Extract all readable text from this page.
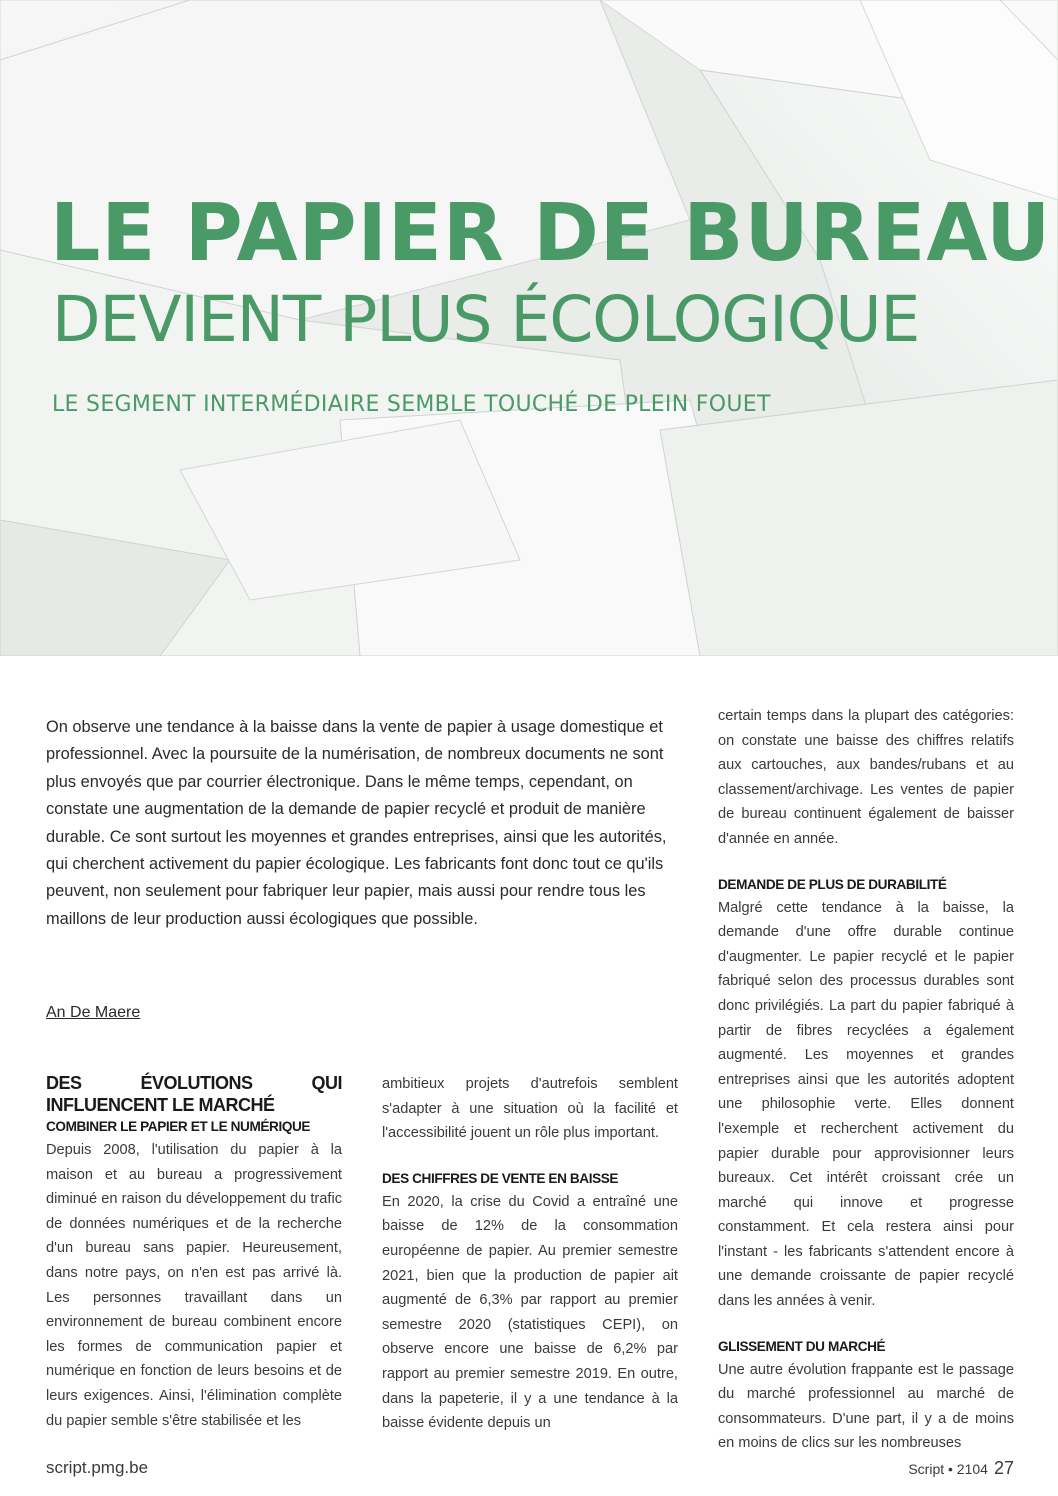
LE PAPIER DE BUREAU
DEVIENT PLUS ÉCOLOGIQUE
LE SEGMENT INTERMÉDIAIRE SEMBLE TOUCHÉ DE PLEIN FOUET

On observe une tendance à la baisse dans la vente de papier à usage domestique et professionnel. Avec la poursuite de la numérisation, de nombreux documents ne sont plus envoyés que par courrier électronique. Dans le même temps, cependant, on constate une augmentation de la demande de papier recyclé et produit de manière durable. Ce sont surtout les moyennes et grandes entreprises, ainsi que les autorités, qui cherchent activement du papier écologique. Les fabricants font donc tout ce qu'ils peuvent, non seulement pour fabriquer leur papier, mais aussi pour rendre tous les maillons de leur production aussi écologiques que possible.

An De Maere

DES ÉVOLUTIONS QUI INFLUENCENT LE MARCHÉ

COMBINER LE PAPIER ET LE NUMÉRIQUE

Depuis 2008, l'utilisation du papier à la maison et au bureau a progressivement diminué en raison du développement du trafic de données numériques et de la recherche d'un bureau sans papier. Heureusement, dans notre pays, on n'en est pas arrivé là. Les personnes travaillant dans un environnement de bureau combinent encore les formes de communication papier et numérique en fonction de leurs besoins et de leurs exigences. Ainsi, l'élimination complète du papier semble s'être stabilisée et les

ambitieux projets d'autrefois semblent s'adapter à une situation où la facilité et l'accessibilité jouent un rôle plus important.

DES CHIFFRES DE VENTE EN BAISSE

En 2020, la crise du Covid a entraîné une baisse de 12% de la consommation européenne de papier. Au premier semestre 2021, bien que la production de papier ait augmenté de 6,3% par rapport au premier semestre 2020 (statistiques CEPI), on observe encore une baisse de 6,2% par rapport au premier semestre 2019. En outre, dans la papeterie, il y a une tendance à la baisse évidente depuis un

certain temps dans la plupart des catégories: on constate une baisse des chiffres relatifs aux cartouches, aux bandes/rubans et au classement/archivage. Les ventes de papier de bureau continuent également de baisser d'année en année.

DEMANDE DE PLUS DE DURABILITÉ

Malgré cette tendance à la baisse, la demande d'une offre durable continue d'augmenter. Le papier recyclé et le papier fabriqué selon des processus durables sont donc privilégiés. La part du papier fabriqué à partir de fibres recyclées a également augmenté. Les moyennes et grandes entreprises ainsi que les autorités adoptent une philosophie verte. Elles donnent l'exemple et recherchent activement du papier durable pour approvisionner leurs bureaux. Cet intérêt croissant crée un marché qui innove et progresse constamment. Et cela restera ainsi pour l'instant - les fabricants s'attendent encore à une demande croissante de papier recyclé dans les années à venir.

GLISSEMENT DU MARCHÉ

Une autre évolution frappante est le passage du marché professionnel au marché de consommateurs. D'une part, il y a de moins en moins de clics sur les nombreuses

script.pmg.be	Script • 2104 27
